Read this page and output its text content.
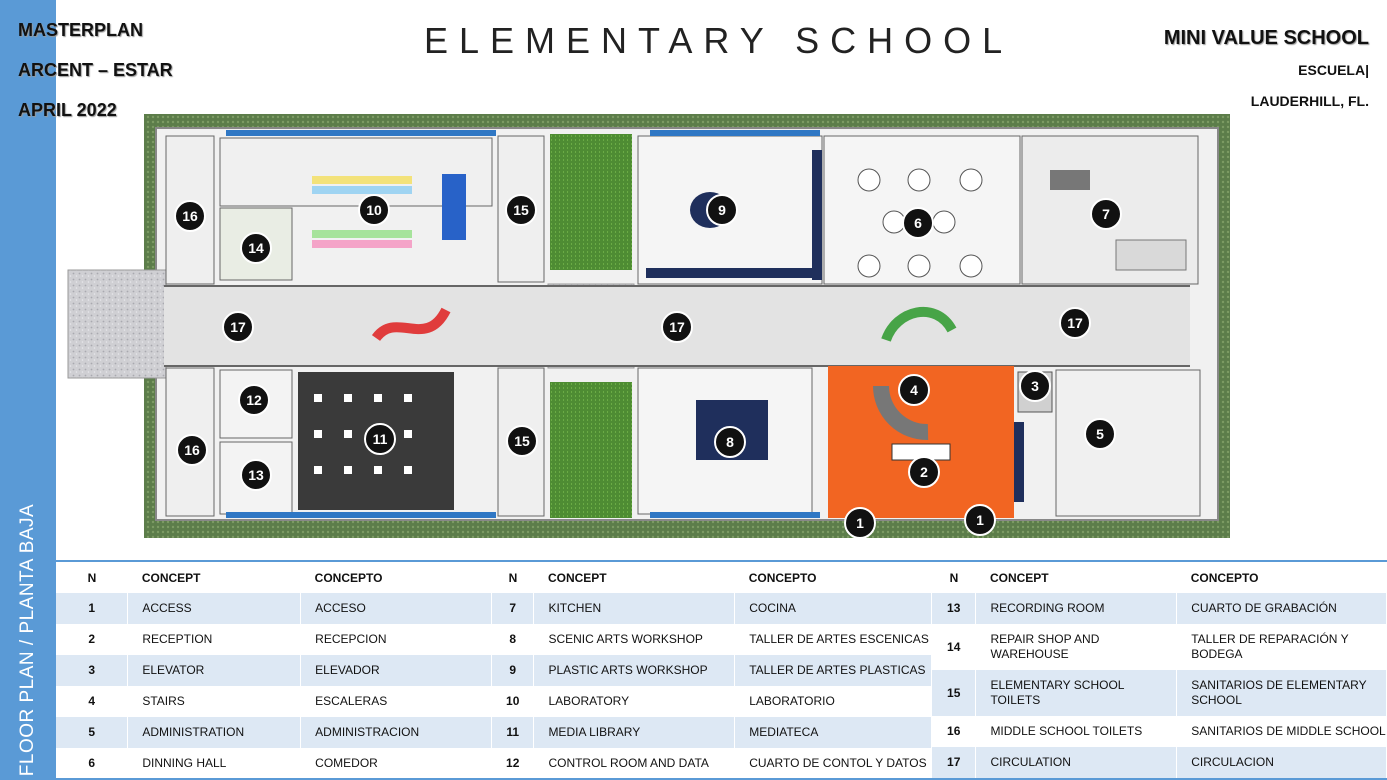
FLOOR PLAN / PLANTA BAJA
MASTERPLAN
ARCENT – ESTAR
APRIL 2022
ELEMENTARY SCHOOL	MINI VALUE SCHOOL
ESCUELA|
LAUDERHILL, FL.
16	10	15	9
6
7
14
17	17	17
12
4	3
16
11	15	8	5
2
13
1	1
N	CONCEPT	CONCEPTO
1	ACCESS	ACCESO
2	RECEPTION	RECEPCION
3	ELEVATOR	ELEVADOR
4	STAIRS	ESCALERAS
5	ADMINISTRATION	ADMINISTRACION
6	DINNING HALL	COMEDOR
N	CONCEPT	CONCEPTO
7	KITCHEN	COCINA
8	SCENIC ARTS WORKSHOP	TALLER DE ARTES ESCENICAS
9	PLASTIC ARTS WORKSHOP	TALLER DE ARTES PLASTICAS
10	LABORATORY	LABORATORIO
11	MEDIA LIBRARY	MEDIATECA
12	CONTROL ROOM AND DATA	CUARTO DE CONTOL Y DATOS
N	CONCEPT	CONCEPTO
13	RECORDING ROOM	CUARTO DE GRABACIÓN
14	REPAIR SHOP AND WAREHOUSE	TALLER DE REPARACIÓN Y BODEGA
15	ELEMENTARY SCHOOL TOILETS	SANITARIOS DE ELEMENTARY SCHOOL
16	MIDDLE SCHOOL TOILETS	SANITARIOS DE MIDDLE SCHOOL
17	CIRCULATION	CIRCULACION
